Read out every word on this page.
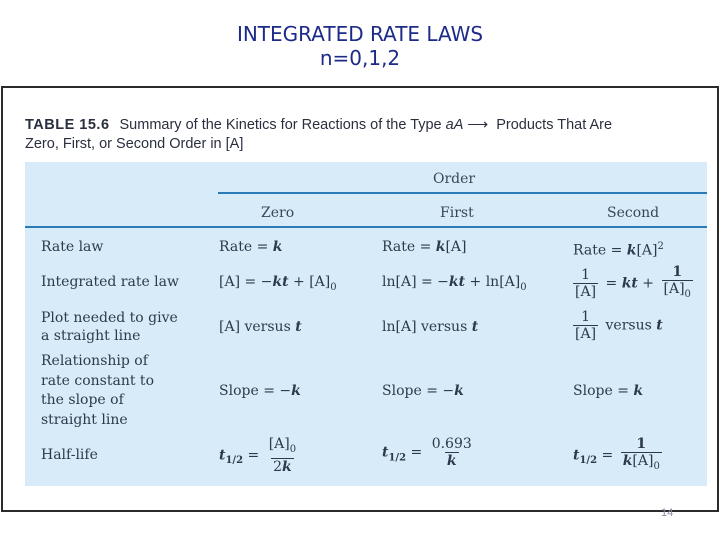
INTEGRATED RATE LAWS
n=0,1,2
TABLE 15.6 Summary of the Kinetics for Reactions of the Type aA ⟶ Products That Are
Zero, First, or Second Order in [A]
Order
Zero	First	Second
Rate law	Rate = k	Rate = k[A]	Rate = $k[A]^2$
Integrated rate law	$[A] = -kt + [A]_0$	$\ln[A] = -kt + \ln[A]_0$	$\frac{1}{[A]}$ = kt + $\frac{1}{[A]_0}$
Plot needed to give
a straight line
[A] versus t	ln[A] versus t	$\frac{1}{[A]}$ versus t
Relationship of
rate constant to
the slope of
straight line
Slope = −k	Slope = −k	Slope = k
Half-life	$t_{1/2} = \frac{[A]_0}{2k}$	$t_{1/2} = \frac{0.693}{k}$	$t_{1/2} = \frac{1}{k[A]_0}$
14
